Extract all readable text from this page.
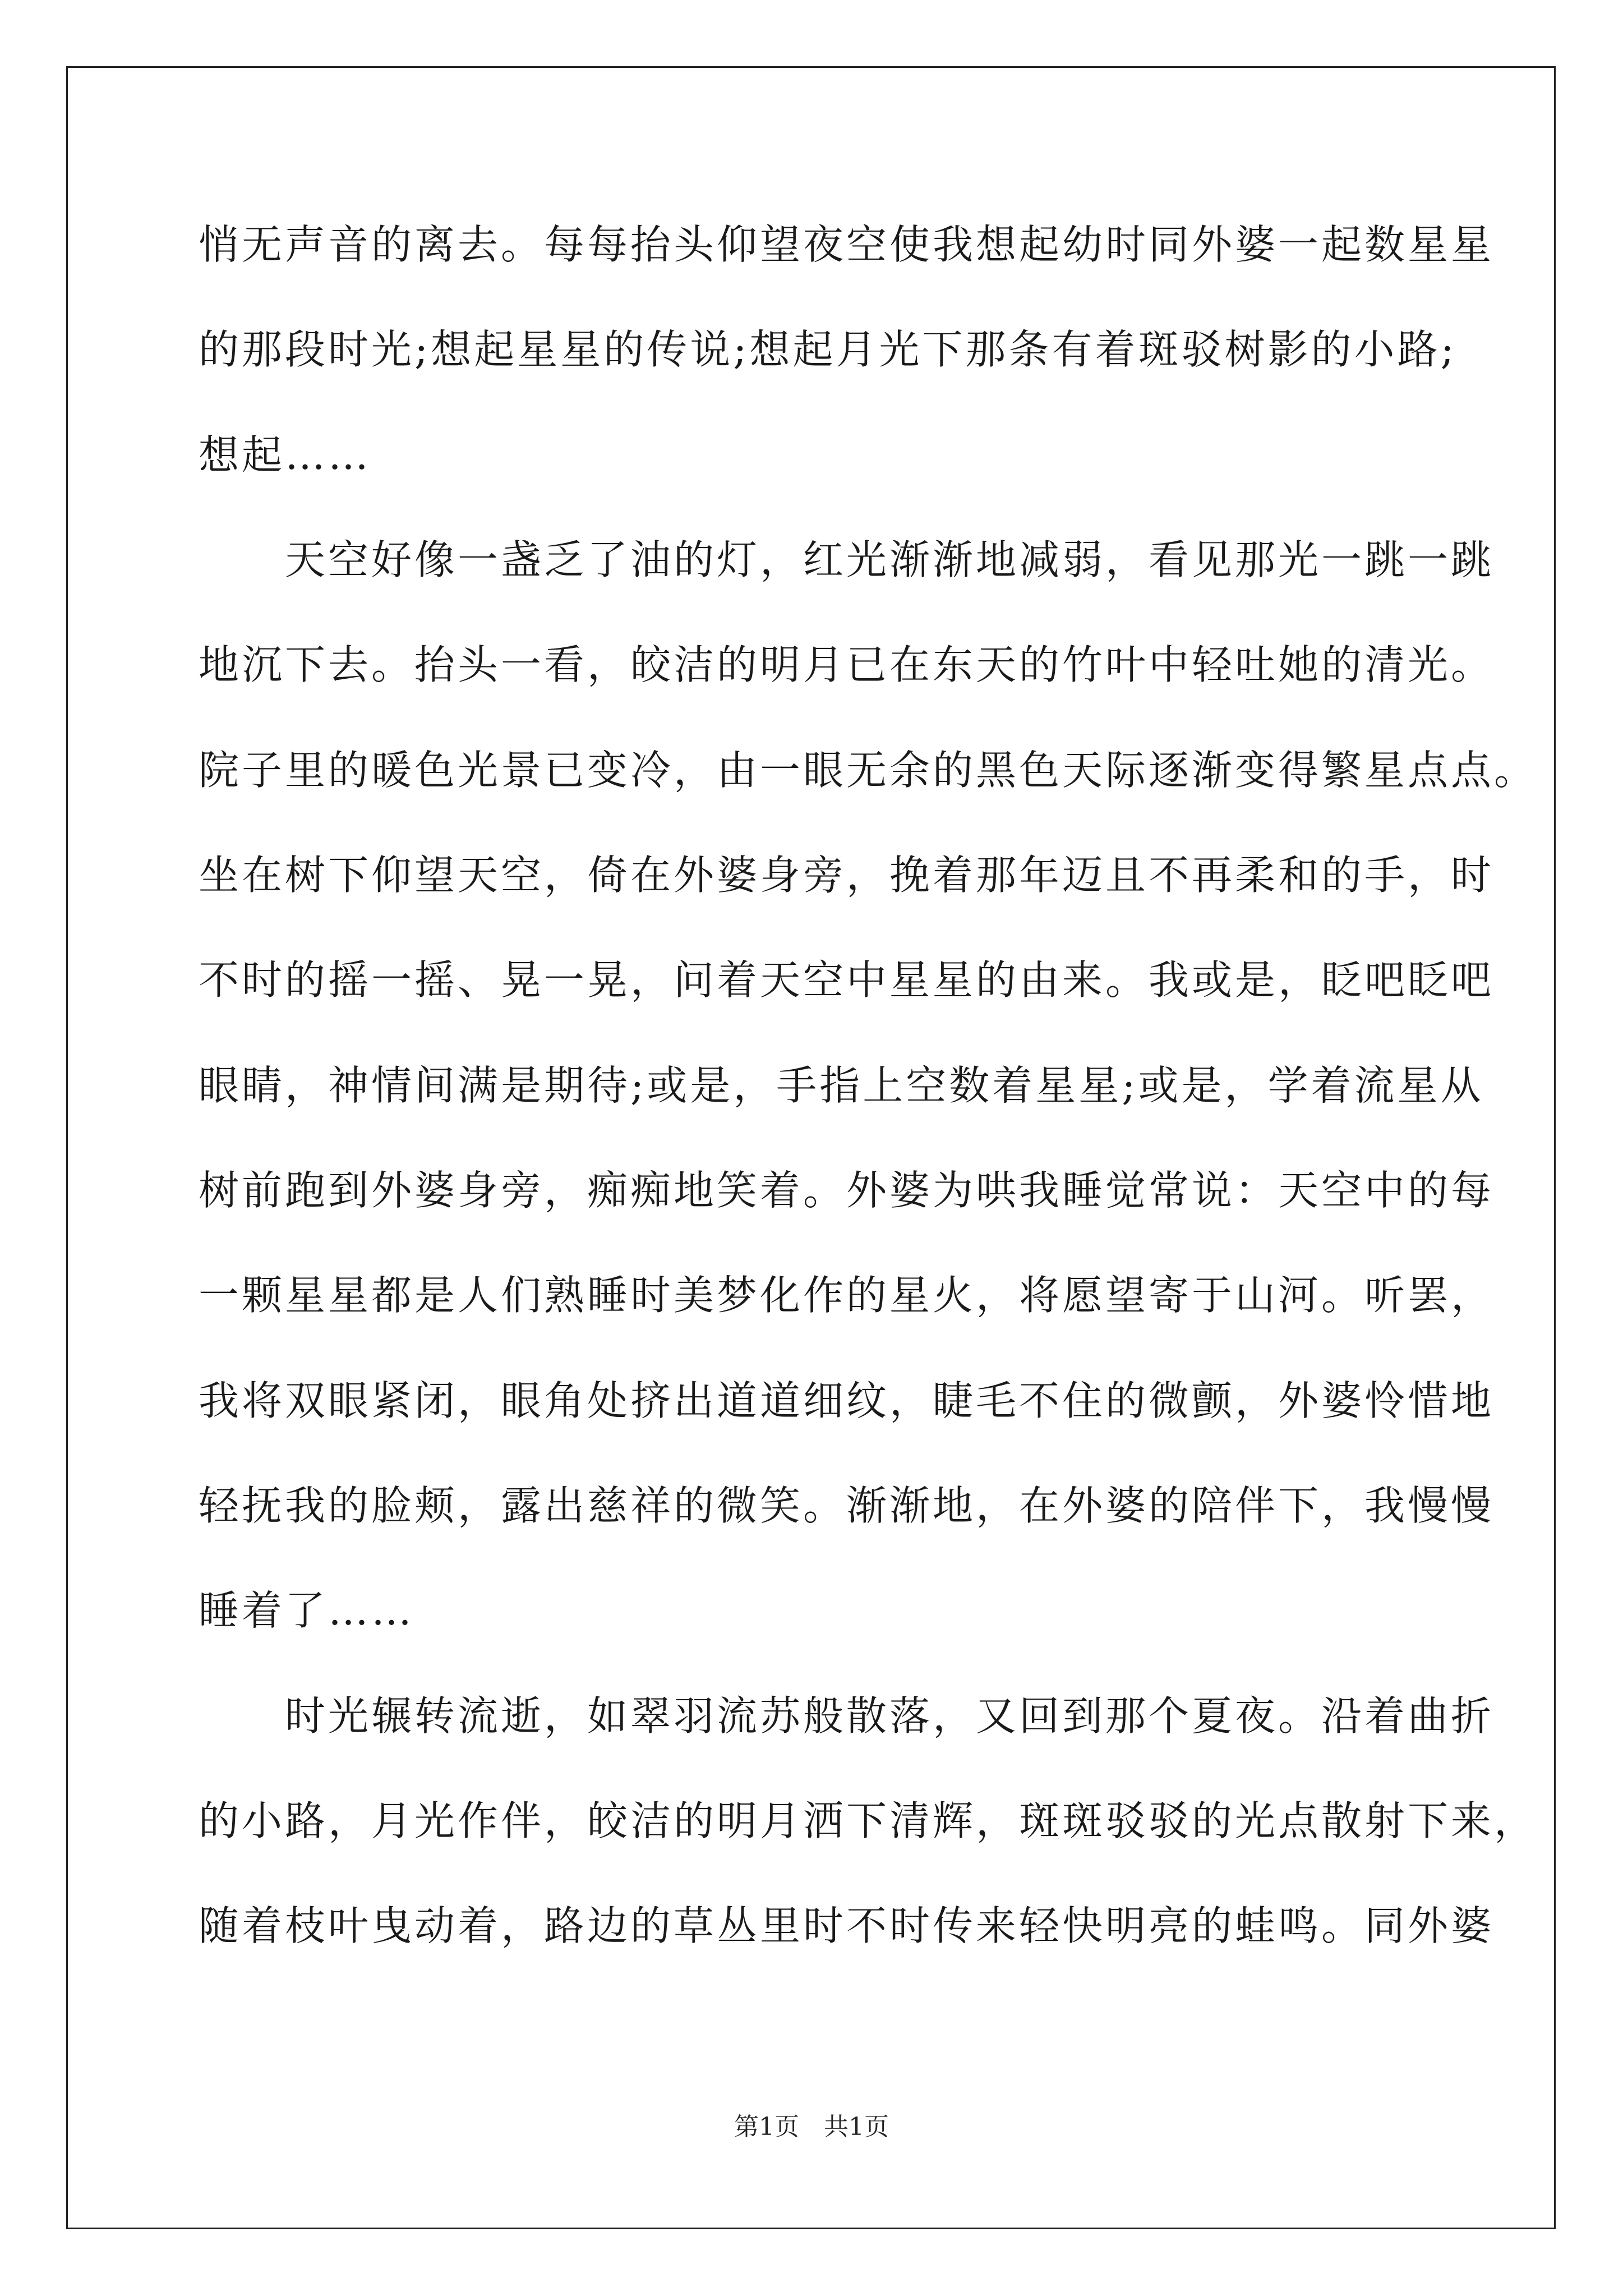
悄无声音的离去。每每抬头仰望夜空使我想起幼时同外婆一起数星星
的那段时光;想起星星的传说;想起月光下那条有着斑驳树影的小路;
想起……
　　天空好像一盏乏了油的灯，红光渐渐地减弱，看见那光一跳一跳
地沉下去。抬头一看，皎洁的明月已在东天的竹叶中轻吐她的清光。
院子里的暖色光景已变冷，由一眼无余的黑色天际逐渐变得繁星点点。
坐在树下仰望天空，倚在外婆身旁，挽着那年迈且不再柔和的手，时
不时的摇一摇、晃一晃，问着天空中星星的由来。我或是，眨吧眨吧
眼睛，神情间满是期待;或是，手指上空数着星星;或是，学着流星从
树前跑到外婆身旁，痴痴地笑着。外婆为哄我睡觉常说：天空中的每
一颗星星都是人们熟睡时美梦化作的星火，将愿望寄于山河。听罢，
我将双眼紧闭，眼角处挤出道道细纹，睫毛不住的微颤，外婆怜惜地
轻抚我的脸颊，露出慈祥的微笑。渐渐地，在外婆的陪伴下，我慢慢
睡着了……
　　时光辗转流逝，如翠羽流苏般散落，又回到那个夏夜。沿着曲折
的小路，月光作伴，皎洁的明月洒下清辉，斑斑驳驳的光点散射下来，
随着枝叶曳动着，路边的草丛里时不时传来轻快明亮的蛙鸣。同外婆
第1页　共1页
